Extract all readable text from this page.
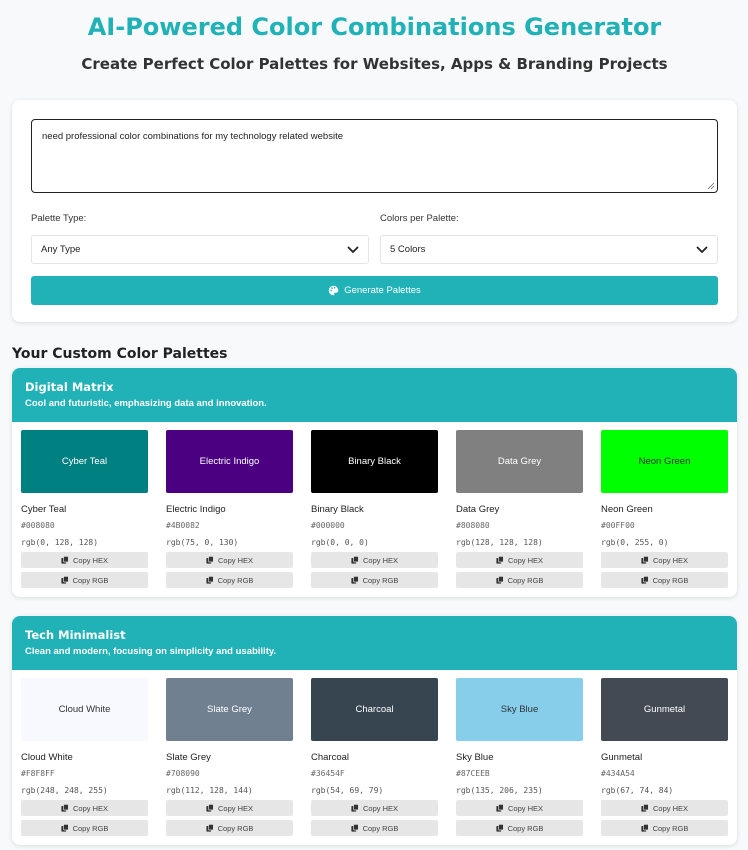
AI-Powered Color Combinations Generator
Create Perfect Color Palettes for Websites, Apps & Branding Projects
need professional color combinations for my technology related website
Palette Type:
Any Type
Colors per Palette:
5 Colors
Generate Palettes
Your Custom Color Palettes
Digital Matrix
Cool and futuristic, emphasizing data and innovation.
Cyber Teal
Cyber Teal
#008080
rgb(0, 128, 128)
Copy HEX
Copy RGB
Electric Indigo
Electric Indigo
#4B0082
rgb(75, 0, 130)
Copy HEX
Copy RGB
Binary Black
Binary Black
#000000
rgb(0, 0, 0)
Copy HEX
Copy RGB
Data Grey
Data Grey
#808080
rgb(128, 128, 128)
Copy HEX
Copy RGB
Neon Green
Neon Green
#00FF00
rgb(0, 255, 0)
Copy HEX
Copy RGB
Tech Minimalist
Clean and modern, focusing on simplicity and usability.
Cloud White
Cloud White
#F8F8FF
rgb(248, 248, 255)
Copy HEX
Copy RGB
Slate Grey
Slate Grey
#708090
rgb(112, 128, 144)
Copy HEX
Copy RGB
Charcoal
Charcoal
#36454F
rgb(54, 69, 79)
Copy HEX
Copy RGB
Sky Blue
Sky Blue
#87CEEB
rgb(135, 206, 235)
Copy HEX
Copy RGB
Gunmetal
Gunmetal
#434A54
rgb(67, 74, 84)
Copy HEX
Copy RGB
